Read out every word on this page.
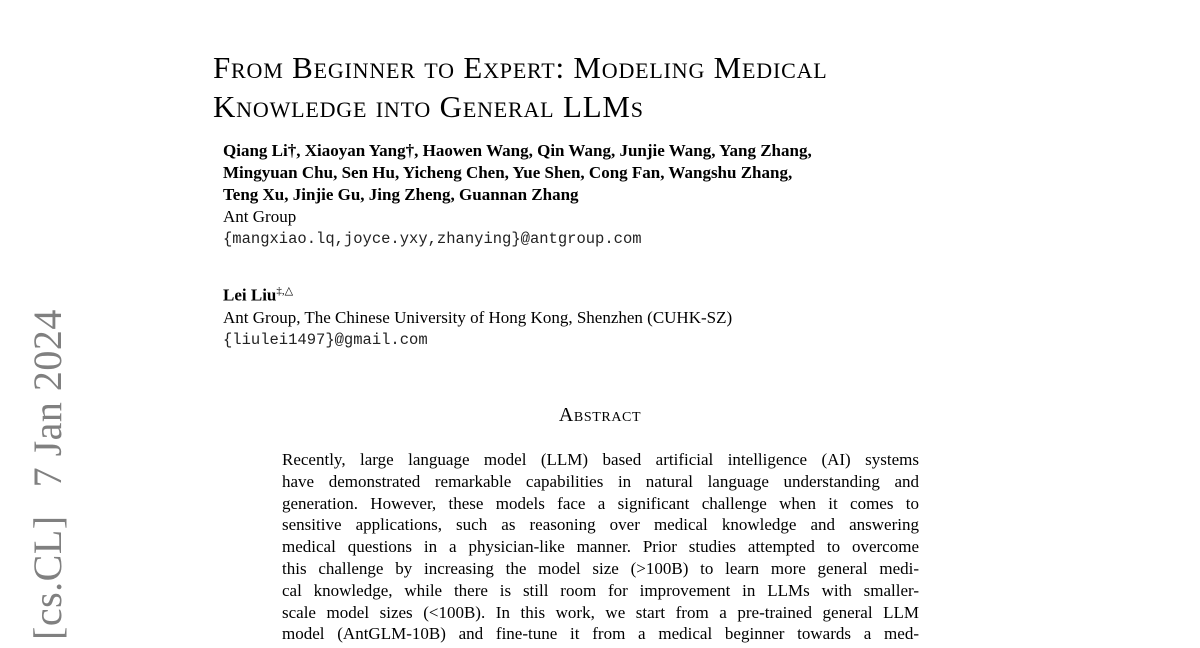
[cs.CL]7 Jan 2024
From Beginner to Expert: Modeling Medical
Knowledge into General LLMs
Qiang Li†, Xiaoyan Yang†, Haowen Wang, Qin Wang, Junjie Wang, Yang Zhang,
Mingyuan Chu, Sen Hu, Yicheng Chen, Yue Shen, Cong Fan, Wangshu Zhang,
Teng Xu, Jinjie Gu, Jing Zheng, Guannan Zhang
Ant Group
{mangxiao.lq,joyce.yxy,zhanying}@antgroup.com
Lei Liu‡,△
Ant Group, The Chinese University of Hong Kong, Shenzhen (CUHK-SZ)
{liulei1497}@gmail.com
Abstract
Recently, large language model (LLM) based artificial intelligence (AI) systems
have demonstrated remarkable capabilities in natural language understanding and
generation. However, these models face a significant challenge when it comes to
sensitive applications, such as reasoning over medical knowledge and answering
medical questions in a physician-like manner. Prior studies attempted to overcome
this challenge by increasing the model size (>100B) to learn more general medi-
cal knowledge, while there is still room for improvement in LLMs with smaller-
scale model sizes (<100B). In this work, we start from a pre-trained general LLM
model (AntGLM-10B) and fine-tune it from a medical beginner towards a med-
